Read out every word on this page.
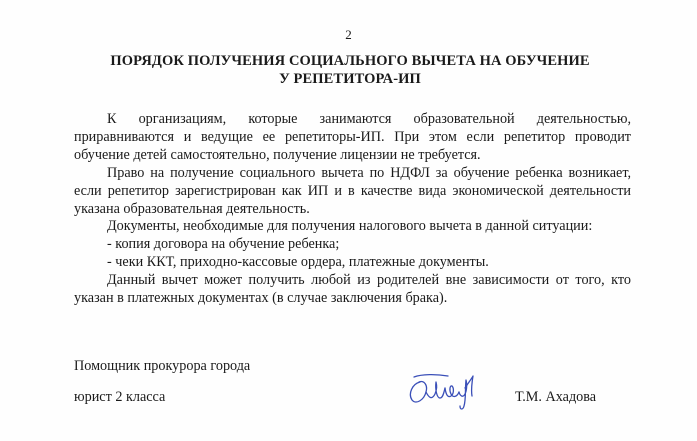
2
ПОРЯДОК ПОЛУЧЕНИЯ СОЦИАЛЬНОГО ВЫЧЕТА НА ОБУЧЕНИЕ
У РЕПЕТИТОРА-ИП

К организациям, которые занимаются образовательной деятельностью, приравниваются и ведущие ее репетиторы-ИП. При этом если репетитор проводит обучение детей самостоятельно, получение лицензии не требуется.

Право на получение социального вычета по НДФЛ за обучение ребенка возникает, если репетитор зарегистрирован как ИП и в качестве вида экономической деятельности указана образовательная деятельность.

Документы, необходимые для получения налогового вычета в данной ситуации:

- копия договора на обучение ребенка;

- чеки ККТ, приходно-кассовые ордера, платежные документы.

Данный вычет может получить любой из родителей вне зависимости от того, кто указан в платежных документах (в случае заключения брака).

Помощник прокурора города
юрист 2 класса	Т.М. Ахадова
